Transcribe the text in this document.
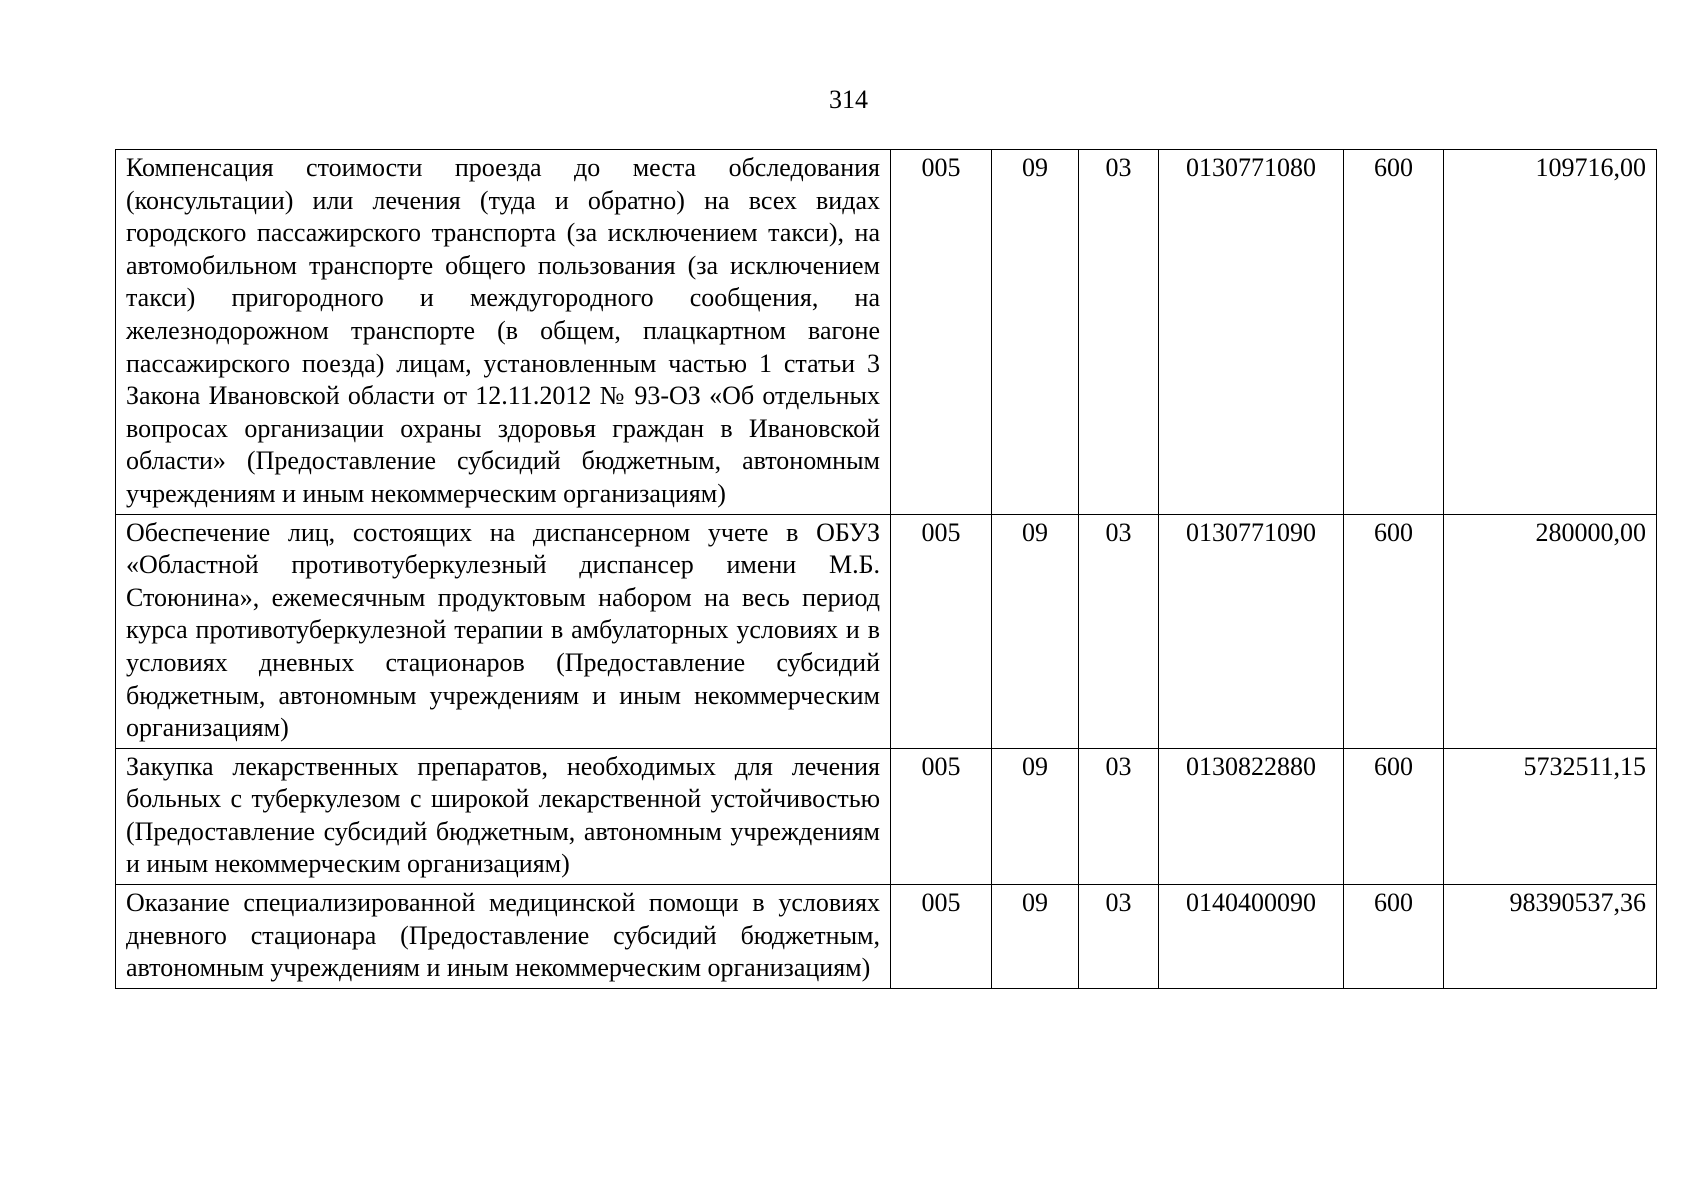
314
Компенсация стоимости проезда до места обследования (консультации) или лечения (туда и обратно) на всех видах городского пассажирского транспорта (за исключением такси), на автомобильном транспорте общего пользования (за исключением такси) пригородного и междугородного сообщения, на железнодорожном транспорте (в общем, плацкартном вагоне пассажирского поезда) лицам, установленным частью 1 статьи 3 Закона Ивановской области от 12.11.2012 № 93-ОЗ «Об отдельных вопросах организации охраны здоровья граждан в Ивановской области» (Предоставление субсидий бюджетным, автономным учреждениям и иным некоммерческим организациям)	005	09	03	0130771080	600	109716,00
Обеспечение лиц, состоящих на диспансерном учете в ОБУЗ «Областной противотуберкулезный диспансер имени М.Б. Стоюнина», ежемесячным продуктовым набором на весь период курса противотуберкулезной терапии в амбулаторных условиях и в условиях дневных стационаров (Предоставление субсидий бюджетным, автономным учреждениям и иным некоммерческим организациям)	005	09	03	0130771090	600	280000,00
Закупка лекарственных препаратов, необходимых для лечения больных с туберкулезом с широкой лекарственной устойчивостью (Предоставление субсидий бюджетным, автономным учреждениям и иным некоммерческим организациям)	005	09	03	0130822880	600	5732511,15
Оказание специализированной медицинской помощи в условиях дневного стационара (Предоставление субсидий бюджетным, автономным учреждениям и иным некоммерческим организациям)	005	09	03	0140400090	600	98390537,36
